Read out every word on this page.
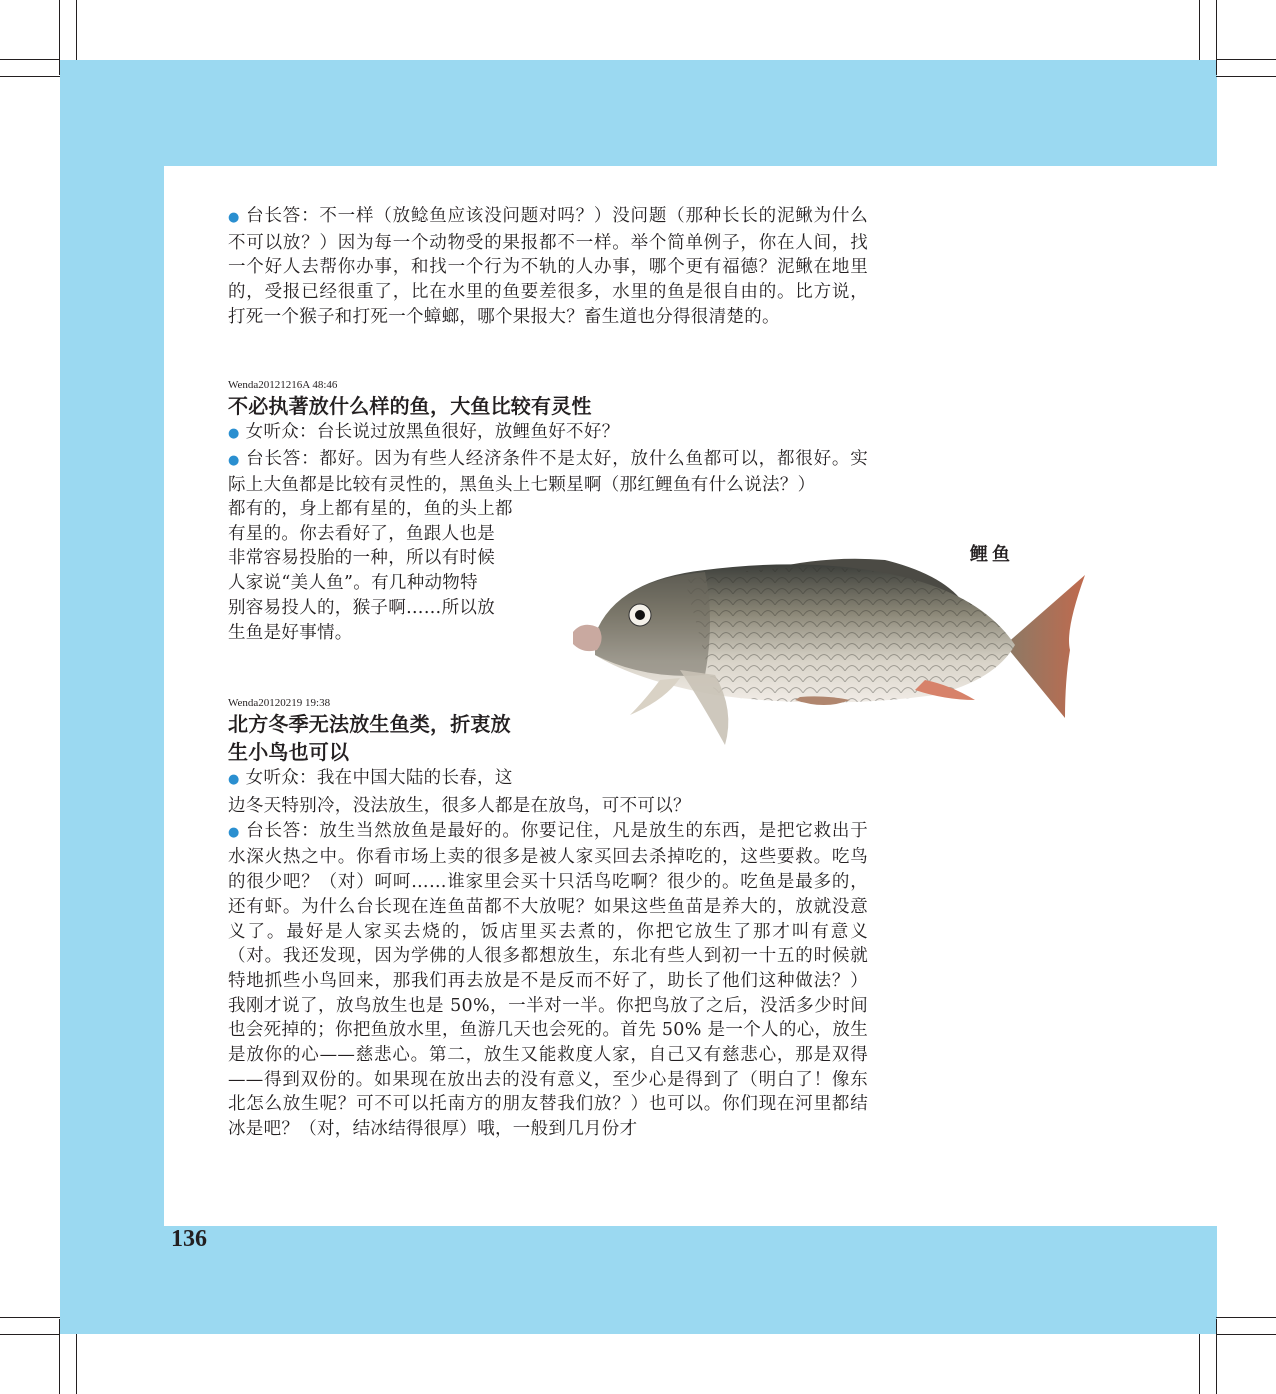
● 台长答：不一样（放鲶鱼应该没问题对吗？）没问题（那种长长的泥鳅为什么不可以放？）因为每一个动物受的果报都不一样。举个简单例子，你在人间，找一个好人去帮你办事，和找一个行为不轨的人办事，哪个更有福德？泥鳅在地里的，受报已经很重了，比在水里的鱼要差很多，水里的鱼是很自由的。比方说，打死一个猴子和打死一个蟑螂，哪个果报大？畜生道也分得很清楚的。

Wenda20121216A 48:46

不必执著放什么样的鱼，大鱼比较有灵性

● 女听众：台长说过放黑鱼很好，放鲤鱼好不好？

● 台长答：都好。因为有些人经济条件不是太好，放什么鱼都可以，都很好。实际上大鱼都是比较有灵性的，黑鱼头上七颗星啊（那红鲤鱼有什么说法？）

都有的，身上都有星的，鱼的头上都
有星的。你去看好了，鱼跟人也是
非常容易投胎的一种，所以有时候
人家说“美人鱼”。有几种动物特
别容易投人的，猴子啊……所以放
生鱼是好事情。
鲤鱼
Wenda20120219 19:38

北方冬季无法放生鱼类，折衷放

生小鸟也可以

● 女听众：我在中国大陆的长春，这

边冬天特别冷，没法放生，很多人都是在放鸟，可不可以？

● 台长答：放生当然放鱼是最好的。你要记住，凡是放生的东西，是把它救出于水深火热之中。你看市场上卖的很多是被人家买回去杀掉吃的，这些要救。吃鸟的很少吧？（对）呵呵……谁家里会买十只活鸟吃啊？很少的。吃鱼是最多的，还有虾。为什么台长现在连鱼苗都不大放呢？如果这些鱼苗是养大的，放就没意义了。最好是人家买去烧的，饭店里买去煮的，你把它放生了那才叫有意义（对。我还发现，因为学佛的人很多都想放生，东北有些人到初一十五的时候就特地抓些小鸟回来，那我们再去放是不是反而不好了，助长了他们这种做法？）我刚才说了，放鸟放生也是 50%，一半对一半。你把鸟放了之后，没活多少时间也会死掉的；你把鱼放水里，鱼游几天也会死的。首先 50% 是一个人的心，放生是放你的心——慈悲心。第二，放生又能救度人家，自己又有慈悲心，那是双得——得到双份的。如果现在放出去的没有意义，至少心是得到了（明白了！像东北怎么放生呢？可不可以托南方的朋友替我们放？）也可以。你们现在河里都结冰是吧？（对，结冰结得很厚）哦，一般到几月份才

136
